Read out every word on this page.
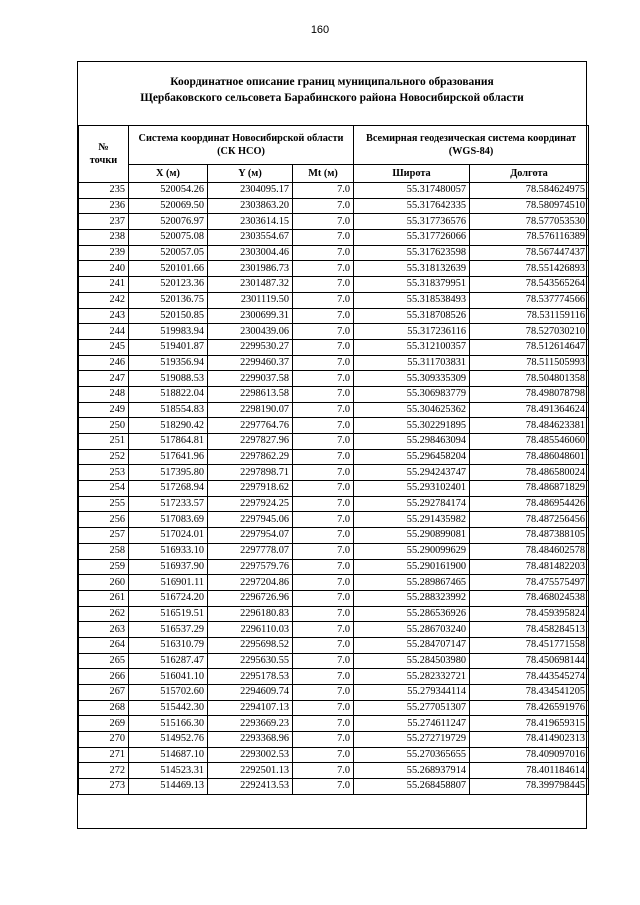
160
Координатное описание границ муниципального образования
Щербаковского сельсовета Барабинского района Новосибирской области
№
точки	Система координат Новосибирской области (СК НСО)			Всемирная геодезическая система координат (WGS-84)	
	X (м)	Y (м)	Mt (м)	Широта	Долгота
235	520054.26	2304095.17	7.0	55.317480057	78.584624975
236	520069.50	2303863.20	7.0	55.317642335	78.580974510
237	520076.97	2303614.15	7.0	55.317736576	78.577053530
238	520075.08	2303554.67	7.0	55.317726066	78.576116389
239	520057.05	2303004.46	7.0	55.317623598	78.567447437
240	520101.66	2301986.73	7.0	55.318132639	78.551426893
241	520123.36	2301487.32	7.0	55.318379951	78.543565264
242	520136.75	2301119.50	7.0	55.318538493	78.537774566
243	520150.85	2300699.31	7.0	55.318708526	78.531159116
244	519983.94	2300439.06	7.0	55.317236116	78.527030210
245	519401.87	2299530.27	7.0	55.312100357	78.512614647
246	519356.94	2299460.37	7.0	55.311703831	78.511505993
247	519088.53	2299037.58	7.0	55.309335309	78.504801358
248	518822.04	2298613.58	7.0	55.306983779	78.498078798
249	518554.83	2298190.07	7.0	55.304625362	78.491364624
250	518290.42	2297764.76	7.0	55.302291895	78.484623381
251	517864.81	2297827.96	7.0	55.298463094	78.485546060
252	517641.96	2297862.29	7.0	55.296458204	78.486048601
253	517395.80	2297898.71	7.0	55.294243747	78.486580024
254	517268.94	2297918.62	7.0	55.293102401	78.486871829
255	517233.57	2297924.25	7.0	55.292784174	78.486954426
256	517083.69	2297945.06	7.0	55.291435982	78.487256456
257	517024.01	2297954.07	7.0	55.290899081	78.487388105
258	516933.10	2297778.07	7.0	55.290099629	78.484602578
259	516937.90	2297579.76	7.0	55.290161900	78.481482203
260	516901.11	2297204.86	7.0	55.289867465	78.475575497
261	516724.20	2296726.96	7.0	55.288323992	78.468024538
262	516519.51	2296180.83	7.0	55.286536926	78.459395824
263	516537.29	2296110.03	7.0	55.286703240	78.458284513
264	516310.79	2295698.52	7.0	55.284707147	78.451771558
265	516287.47	2295630.55	7.0	55.284503980	78.450698144
266	516041.10	2295178.53	7.0	55.282332721	78.443545274
267	515702.60	2294609.74	7.0	55.279344114	78.434541205
268	515442.30	2294107.13	7.0	55.277051307	78.426591976
269	515166.30	2293669.23	7.0	55.274611247	78.419659315
270	514952.76	2293368.96	7.0	55.272719729	78.414902313
271	514687.10	2293002.53	7.0	55.270365655	78.409097016
272	514523.31	2292501.13	7.0	55.268937914	78.401184614
273	514469.13	2292413.53	7.0	55.268458807	78.399798445
